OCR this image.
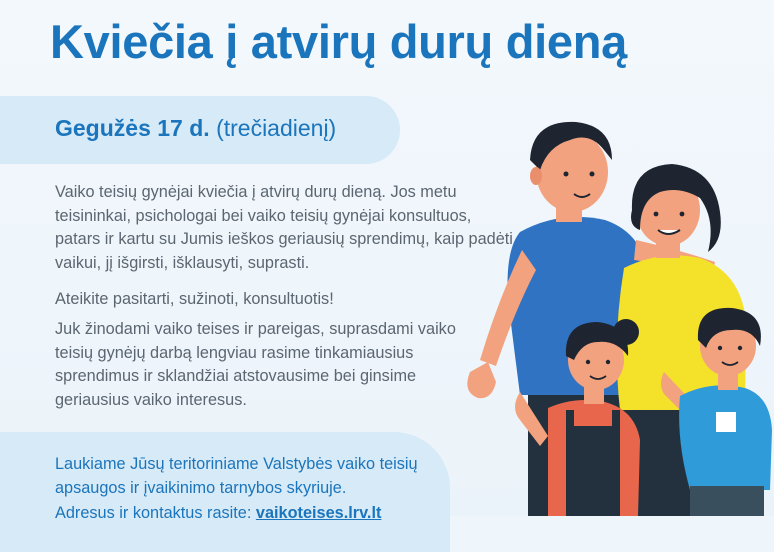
Kviečia į atvirų durų dieną
Gegužės 17 d. (trečiadienį)

Vaiko teisių gynėjai kviečia į atvirų durų dieną. Jos metu teisininkai, psichologai bei vaiko teisių gynėjai konsultuos, patars ir kartu su Jumis ieškos geriausių sprendimų, kaip padėti vaikui, jį išgirsti, išklausyti, suprasti.

Ateikite pasitarti, sužinoti, konsultuotis!

Juk žinodami vaiko teises ir pareigas, suprasdami vaiko teisių gynėjų darbą lengviau rasime tinkamiausius sprendimus ir sklandžiai atstovausime bei ginsime geriausius vaiko interesus.

Laukiame Jūsų teritoriniame Valstybės vaiko teisių apsaugos ir įvaikinimo tarnybos skyriuje.

Adresus ir kontaktus rasite: vaikoteises.lrv.lt
